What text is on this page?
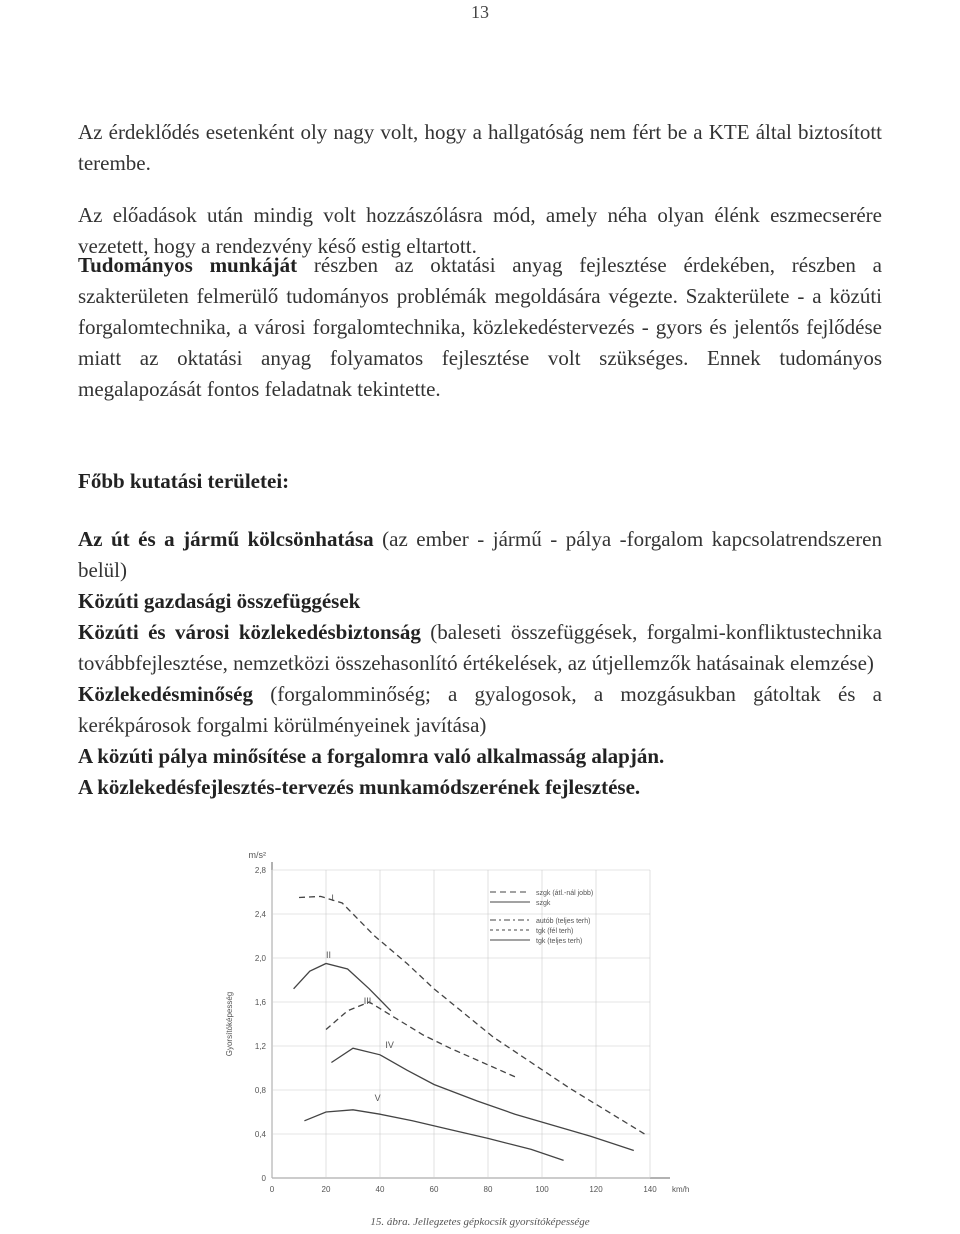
13

Az érdeklődés esetenként oly nagy volt, hogy a hallgatóság nem fért be a KTE által biztosított terembe.

Az előadások után mindig volt hozzászólásra mód, amely néha olyan élénk eszmecserére vezetett, hogy a rendezvény késő estig eltartott.

Tudományos munkáját részben az oktatási anyag fejlesztése érdekében, részben a szakterületen felmerülő tudományos problémák megoldására végezte. Szakterülete - a közúti forgalomtechnika, a városi forgalomtechnika, közlekedéstervezés - gyors és jelentős fejlődése miatt az oktatási anyag folyamatos fejlesztése volt szükséges. Ennek tudományos megalapozását fontos feladatnak tekintette.
Főbb kutatási területei:

Az út és a jármű kölcsönhatása (az ember - jármű - pálya -forgalom kapcsolatrendszeren belül)

Közúti gazdasági összefüggések

Közúti és városi közlekedésbiztonság (baleseti összefüggések, forgalmi-konfliktustechnika továbbfejlesztése, nemzetközi összehasonlító értékelések, az útjellemzők hatásainak elemzése)

Közlekedésminőség (forgalomminőség; a gyalogosok, a mozgásukban gátoltak és a kerékpárosok forgalmi körülményeinek javítása)

A közúti pálya minősítése a forgalomra való alkalmasság alapján.

A közlekedésfejlesztés-tervezés munkamódszerének fejlesztése.

0
0,4
0,8
1,2
1,6
2,0
2,4
2,8
0	20	40	60	80	100	120	140
m/s²
km/h
Gyorsítóképesség
I
II
III
IV
V
szgk (átl.-nál jobb)
szgk
autób (teljes terh)
tgk (fél terh)
tgk (teljes terh)
15. ábra. Jellegzetes gépkocsik gyorsítóképessége
